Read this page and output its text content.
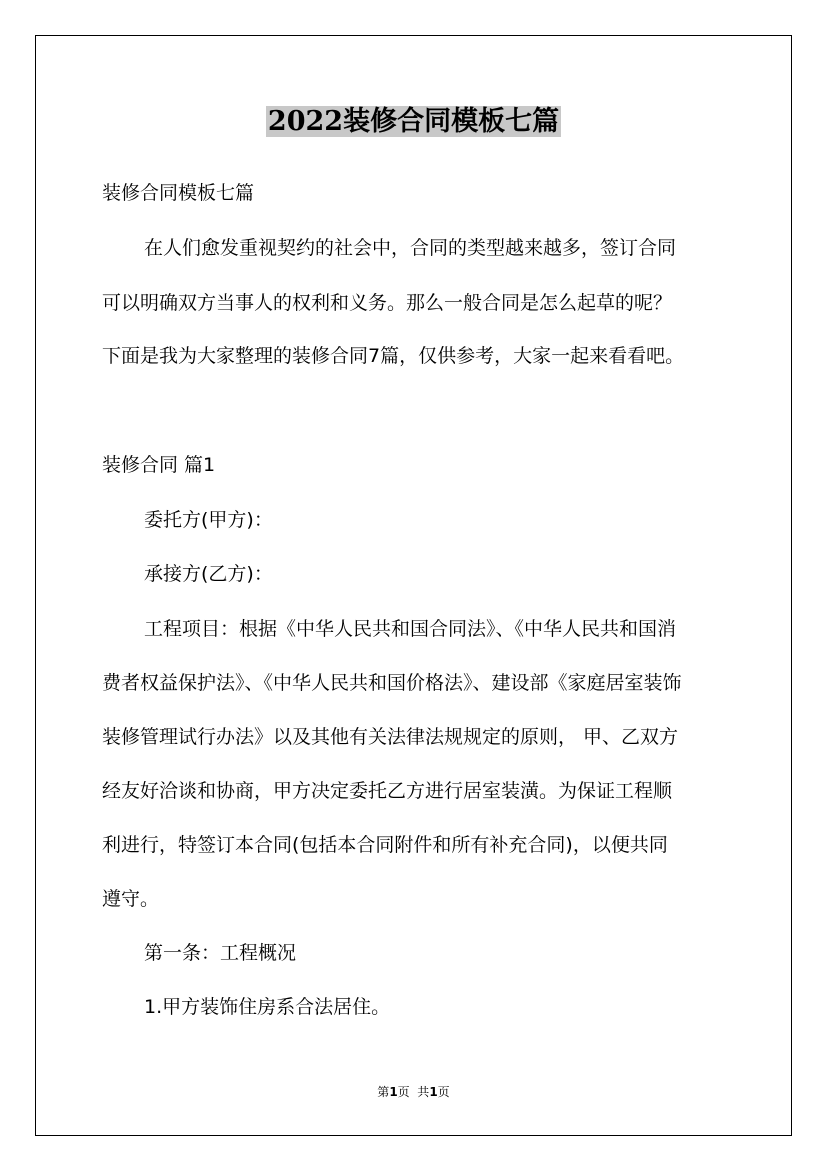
2022装修合同模板七篇
装修合同模板七篇
在人们愈发重视契约的社会中，合同的类型越来越多，签订合同
可以明确双方当事人的权利和义务。那么一般合同是怎么起草的呢？
下面是我为大家整理的装修合同7篇，仅供参考，大家一起来看看吧。
装修合同 篇1
委托方(甲方)：
承接方(乙方)：
工程项目：根据《中华人民共和国合同法》、《中华人民共和国消
费者权益保护法》、《中华人民共和国价格法》、建设部《家庭居室装饰
装修管理试行办法》以及其他有关法律法规规定的原则， 甲、乙双方
经友好洽谈和协商，甲方决定委托乙方进行居室装潢。为保证工程顺
利进行，特签订本合同(包括本合同附件和所有补充合同)，以便共同
遵守。
第一条：工程概况
1.甲方装饰住房系合法居住。
第1页  共1页
